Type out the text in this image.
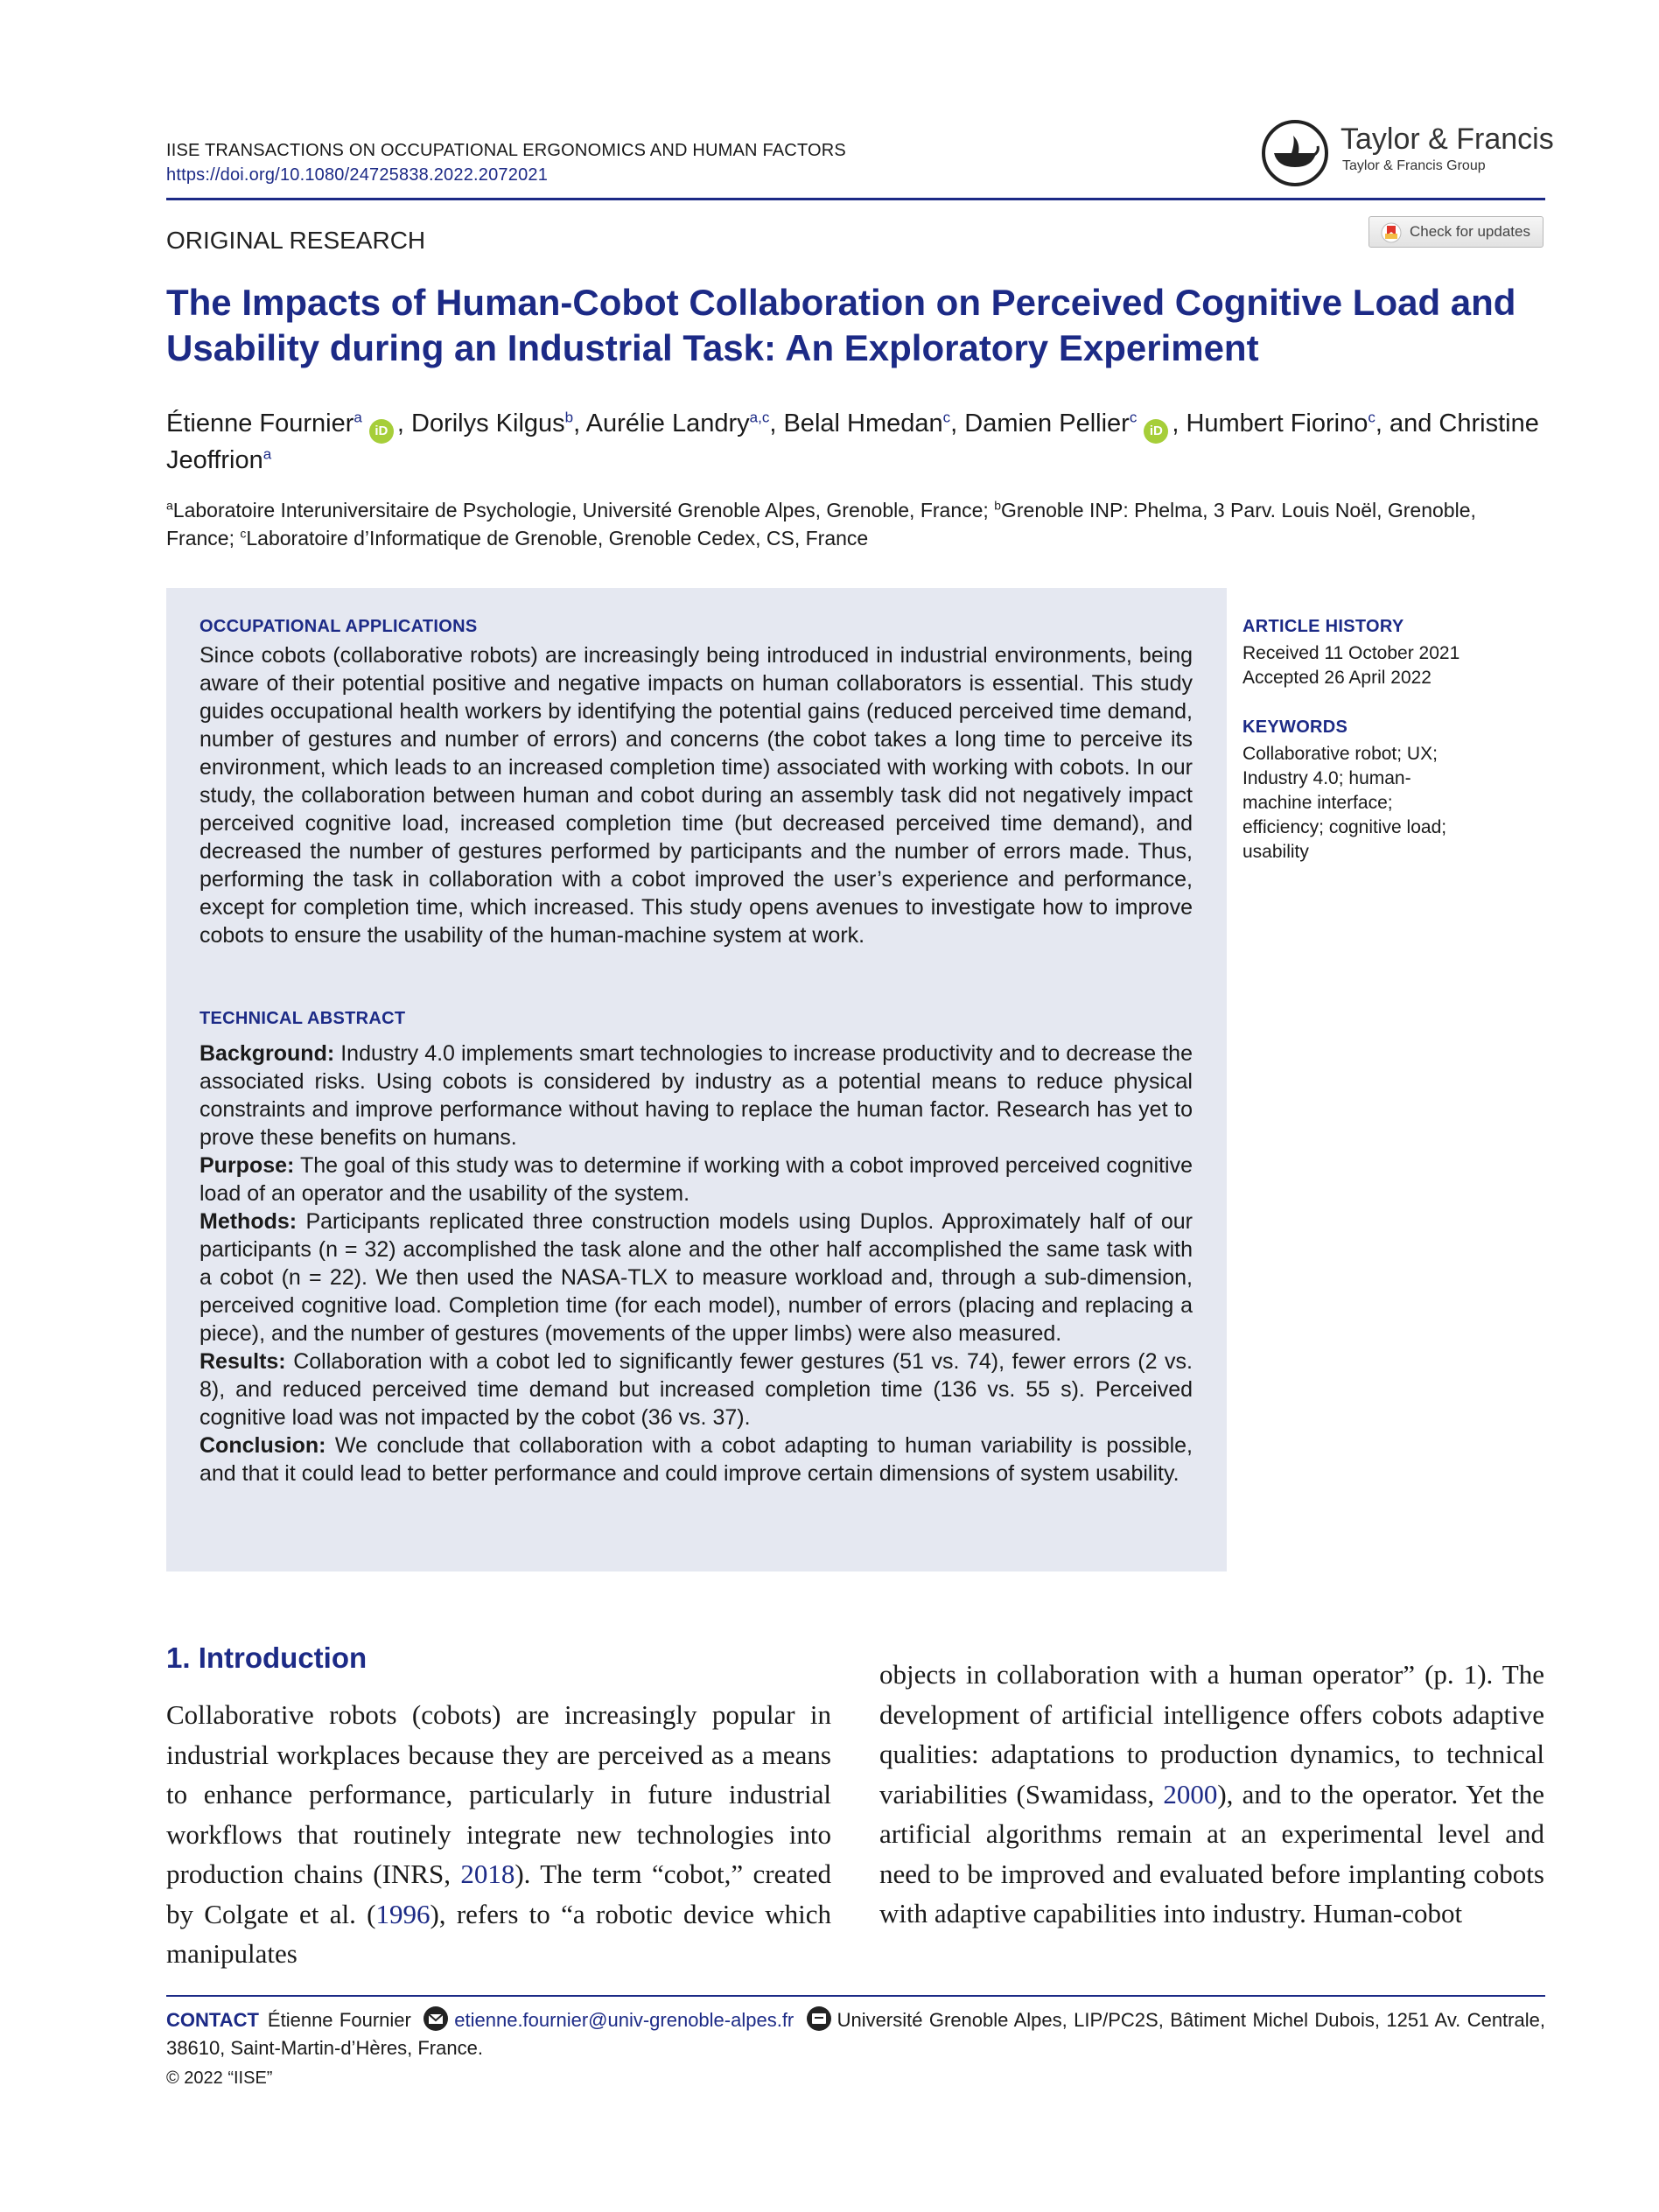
IISE TRANSACTIONS ON OCCUPATIONAL ERGONOMICS AND HUMAN FACTORS
https://doi.org/10.1080/24725838.2022.2072021
Taylor & Francis
Taylor & Francis Group
ORIGINAL RESEARCH	Check for updates
The Impacts of Human-Cobot Collaboration on Perceived Cognitive Load and Usability during an Industrial Task: An Exploratory Experiment
Étienne Fournier$^a$iD , Dorilys Kilgus$^b$, Aurélie Landry$^{a,c}$, Belal Hmedan$^c$, Damien Pellier$^c$iD , Humbert Fiorino$^c$, and Christine Jeoffrion$^a$
$^a$Laboratoire Interuniversitaire de Psychologie, Université Grenoble Alpes, Grenoble, France; $^b$Grenoble INP: Phelma, 3 Parv. Louis Noël, Grenoble, France; $^c$Laboratoire d’Informatique de Grenoble, Grenoble Cedex, CS, France
OCCUPATIONAL APPLICATIONS
Since cobots (collaborative robots) are increasingly being introduced in industrial environments, being aware of their potential positive and negative impacts on human collaborators is essential. This study guides occupational health workers by identifying the potential gains (reduced perceived time demand, number of gestures and number of errors) and concerns (the cobot takes a long time to perceive its environment, which leads to an increased completion time) associated with working with cobots. In our study, the collaboration between human and cobot during an assembly task did not negatively impact perceived cognitive load, increased completion time (but decreased perceived time demand), and decreased the number of gestures performed by participants and the number of errors made. Thus, performing the task in collaboration with a cobot improved the user’s experience and performance, except for completion time, which increased. This study opens avenues to investigate how to improve cobots to ensure the usability of the human-machine system at work.
TECHNICAL ABSTRACT

Background: Industry 4.0 implements smart technologies to increase productivity and to decrease the associated risks. Using cobots is considered by industry as a potential means to reduce physical constraints and improve performance without having to replace the human factor. Research has yet to prove these benefits on humans.

Purpose: The goal of this study was to determine if working with a cobot improved perceived cognitive load of an operator and the usability of the system.

Methods: Participants replicated three construction models using Duplos. Approximately half of our participants (n = 32) accomplished the task alone and the other half accomplished the same task with a cobot (n = 22). We then used the NASA-TLX to measure workload and, through a sub-dimension, perceived cognitive load. Completion time (for each model), number of errors (placing and replacing a piece), and the number of gestures (movements of the upper limbs) were also measured.

Results: Collaboration with a cobot led to significantly fewer gestures (51 vs. 74), fewer errors (2 vs. 8), and reduced perceived time demand but increased completion time (136 vs. 55 s). Perceived cognitive load was not impacted by the cobot (36 vs. 37).

Conclusion: We conclude that collaboration with a cobot adapting to human variability is possible, and that it could lead to better performance and could improve certain dimensions of system usability.

ARTICLE HISTORY
Received 11 October 2021
Accepted 26 April 2022
KEYWORDS
Collaborative robot; UX; Industry 4.0; human-machine interface; efficiency; cognitive load; usability
1. Introduction
Collaborative robots (cobots) are increasingly popular in industrial workplaces because they are perceived as a means to enhance performance, particularly in future industrial workflows that routinely integrate new technologies into production chains (INRS, 2018). The term “cobot,” created by Colgate et al. (1996), refers to “a robotic device which manipulates
objects in collaboration with a human operator” (p. 1). The development of artificial intelligence offers cobots adaptive qualities: adaptations to production dynamics, to technical variabilities (Swamidass, 2000), and to the operator. Yet the artificial algorithms remain at an experimental level and need to be improved and evaluated before implanting cobots with adaptive capabilities into industry. Human-cobot
CONTACT Étienne Fournier etienne.fournier@univ-grenoble-alpes.fr Université Grenoble Alpes, LIP/PC2S, Bâtiment Michel Dubois, 1251 Av. Centrale, 38610, Saint-Martin-d’Hères, France.
© 2022 “IISE”
